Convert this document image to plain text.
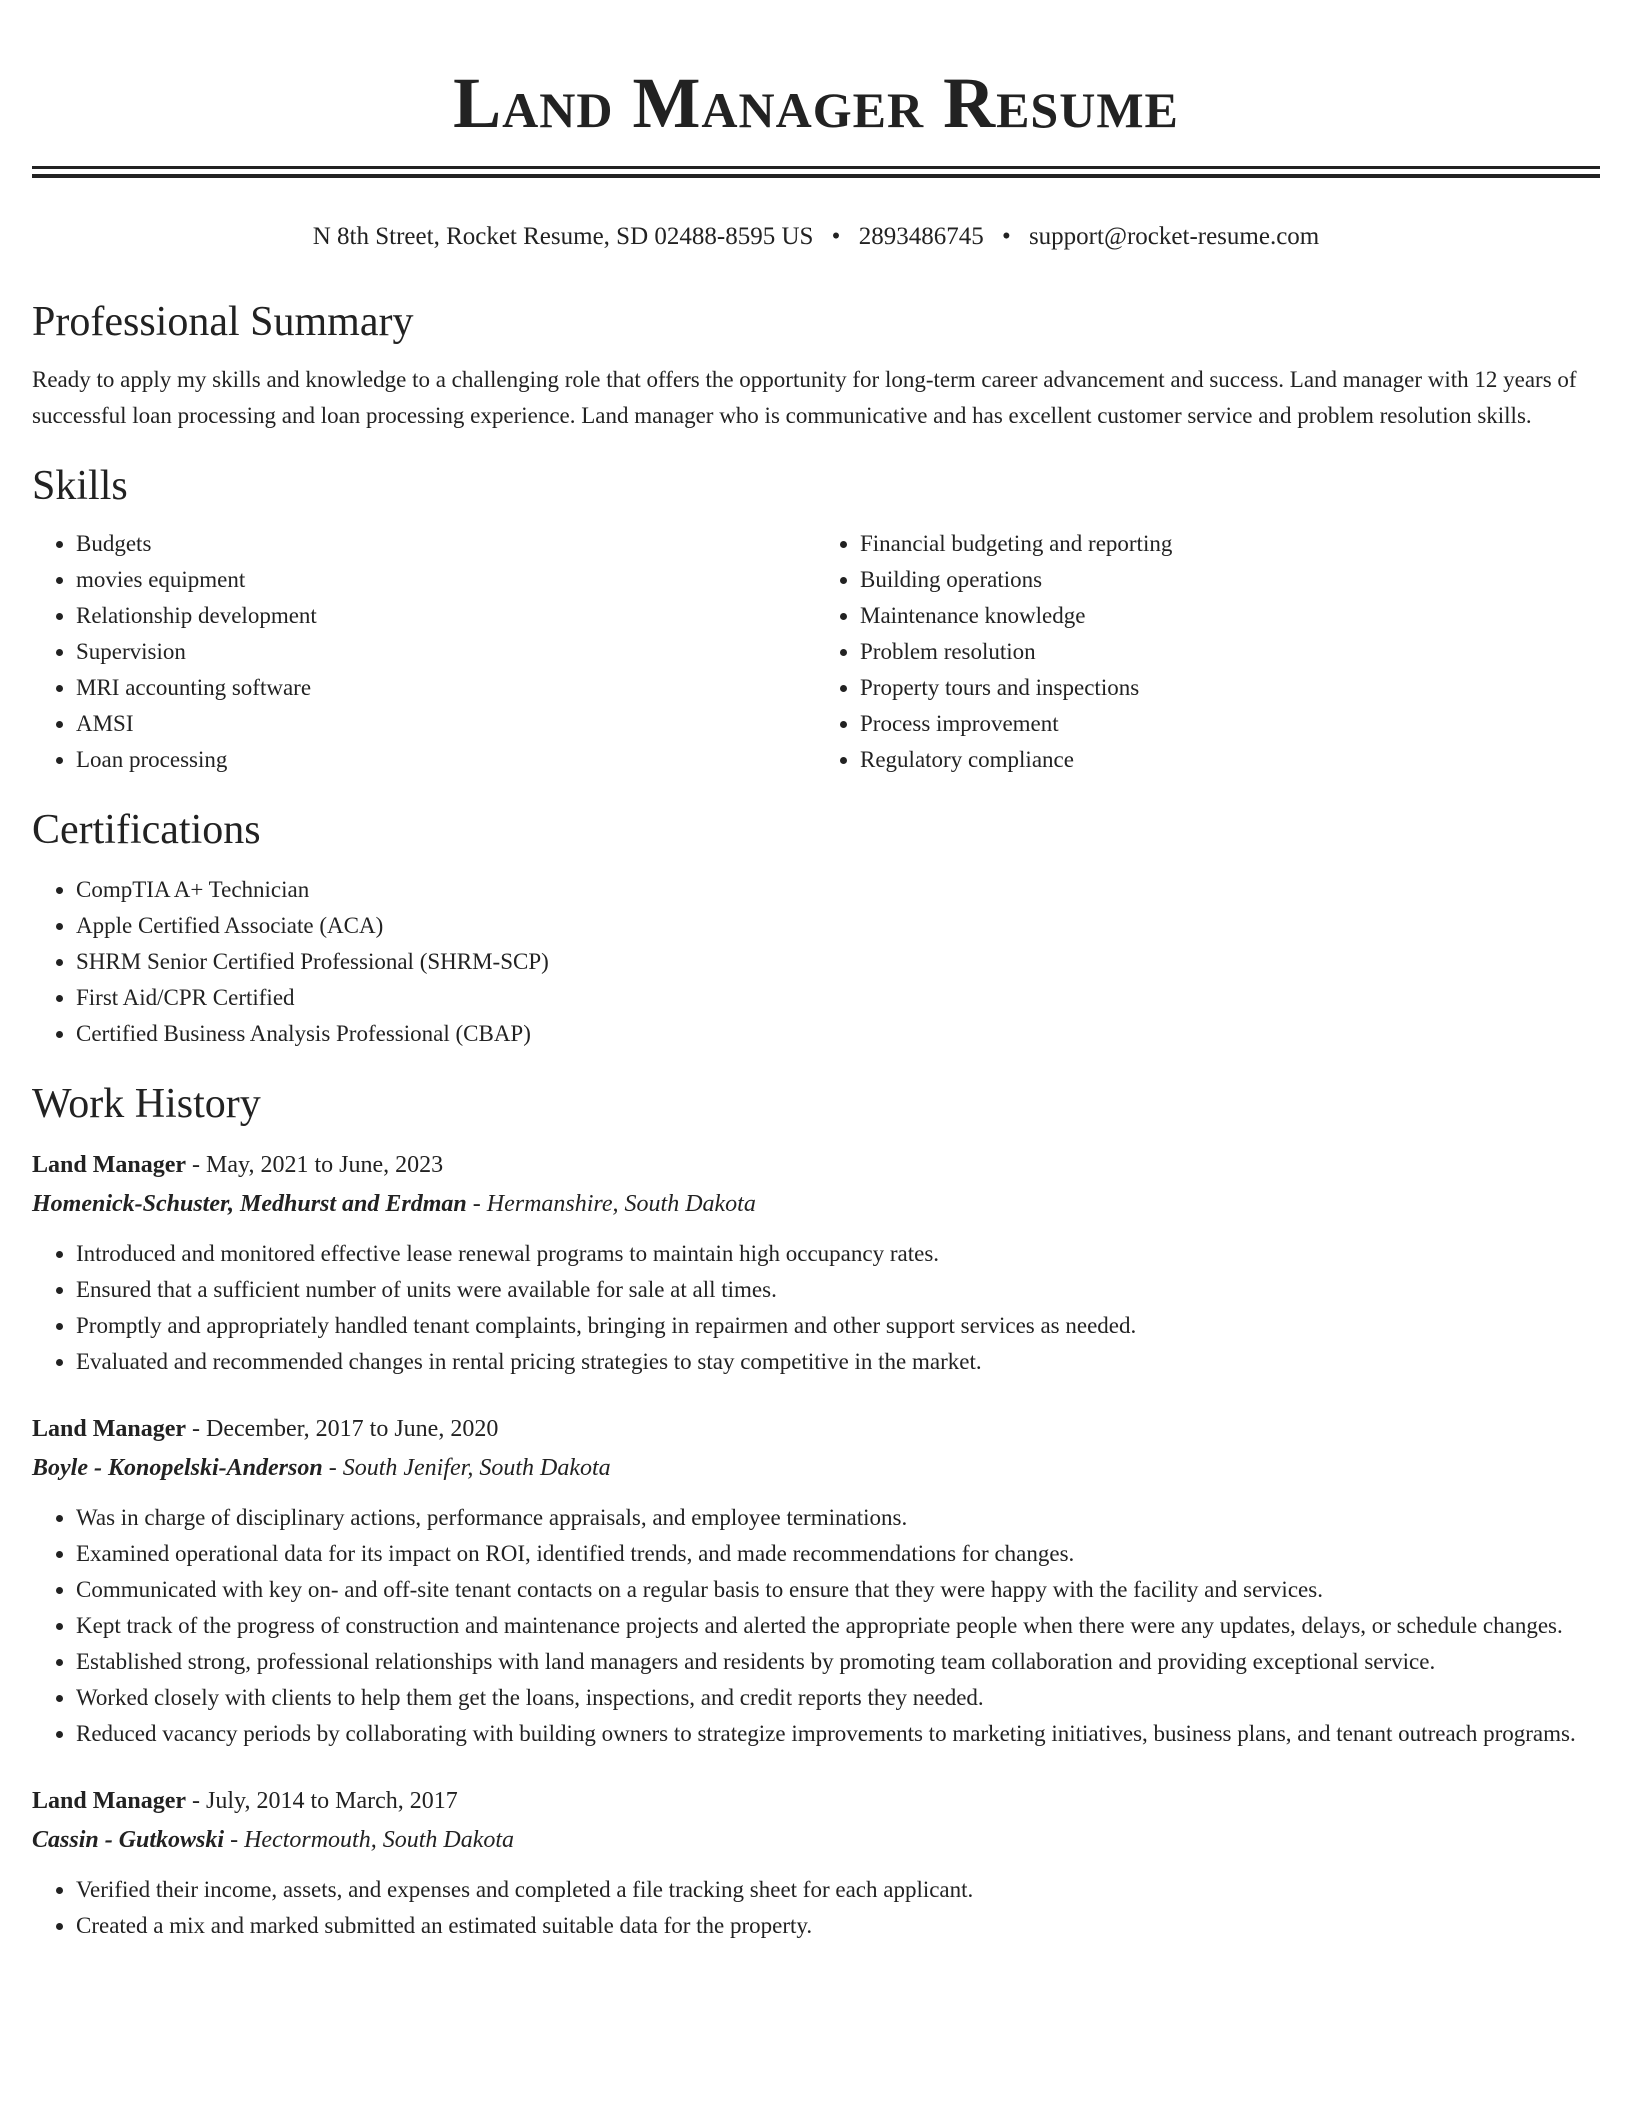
Land Manager Resume
N 8th Street, Rocket Resume, SD 02488-8595 US • 2893486745 • support@rocket-resume.com
Professional Summary
Ready to apply my skills and knowledge to a challenging role that offers the opportunity for long-term career advancement and success. Land manager with 12 years of successful loan processing and loan processing experience. Land manager who is communicative and has excellent customer service and problem resolution skills.
Skills
• Budgets
• movies equipment
• Relationship development
• Supervision
• MRI accounting software
• AMSI
• Loan processing
• Financial budgeting and reporting
• Building operations
• Maintenance knowledge
• Problem resolution
• Property tours and inspections
• Process improvement
• Regulatory compliance
Certifications
• CompTIA A+ Technician
• Apple Certified Associate (ACA)
• SHRM Senior Certified Professional (SHRM-SCP)
• First Aid/CPR Certified
• Certified Business Analysis Professional (CBAP)
Work History
Land Manager - May, 2021 to June, 2023
Homenick-Schuster, Medhurst and Erdman - Hermanshire, South Dakota
• Introduced and monitored effective lease renewal programs to maintain high occupancy rates.
• Ensured that a sufficient number of units were available for sale at all times.
• Promptly and appropriately handled tenant complaints, bringing in repairmen and other support services as needed.
• Evaluated and recommended changes in rental pricing strategies to stay competitive in the market.
Land Manager - December, 2017 to June, 2020
Boyle - Konopelski-Anderson - South Jenifer, South Dakota
• Was in charge of disciplinary actions, performance appraisals, and employee terminations.
• Examined operational data for its impact on ROI, identified trends, and made recommendations for changes.
• Communicated with key on- and off-site tenant contacts on a regular basis to ensure that they were happy with the facility and services.
• Kept track of the progress of construction and maintenance projects and alerted the appropriate people when there were any updates, delays, or schedule changes.
• Established strong, professional relationships with land managers and residents by promoting team collaboration and providing exceptional service.
• Worked closely with clients to help them get the loans, inspections, and credit reports they needed.
• Reduced vacancy periods by collaborating with building owners to strategize improvements to marketing initiatives, business plans, and tenant outreach programs.
Land Manager - July, 2014 to March, 2017
Cassin - Gutkowski - Hectormouth, South Dakota
• Verified their income, assets, and expenses and completed a file tracking sheet for each applicant.
• Created a mix and marked submitted an estimated suitable data for the property.
